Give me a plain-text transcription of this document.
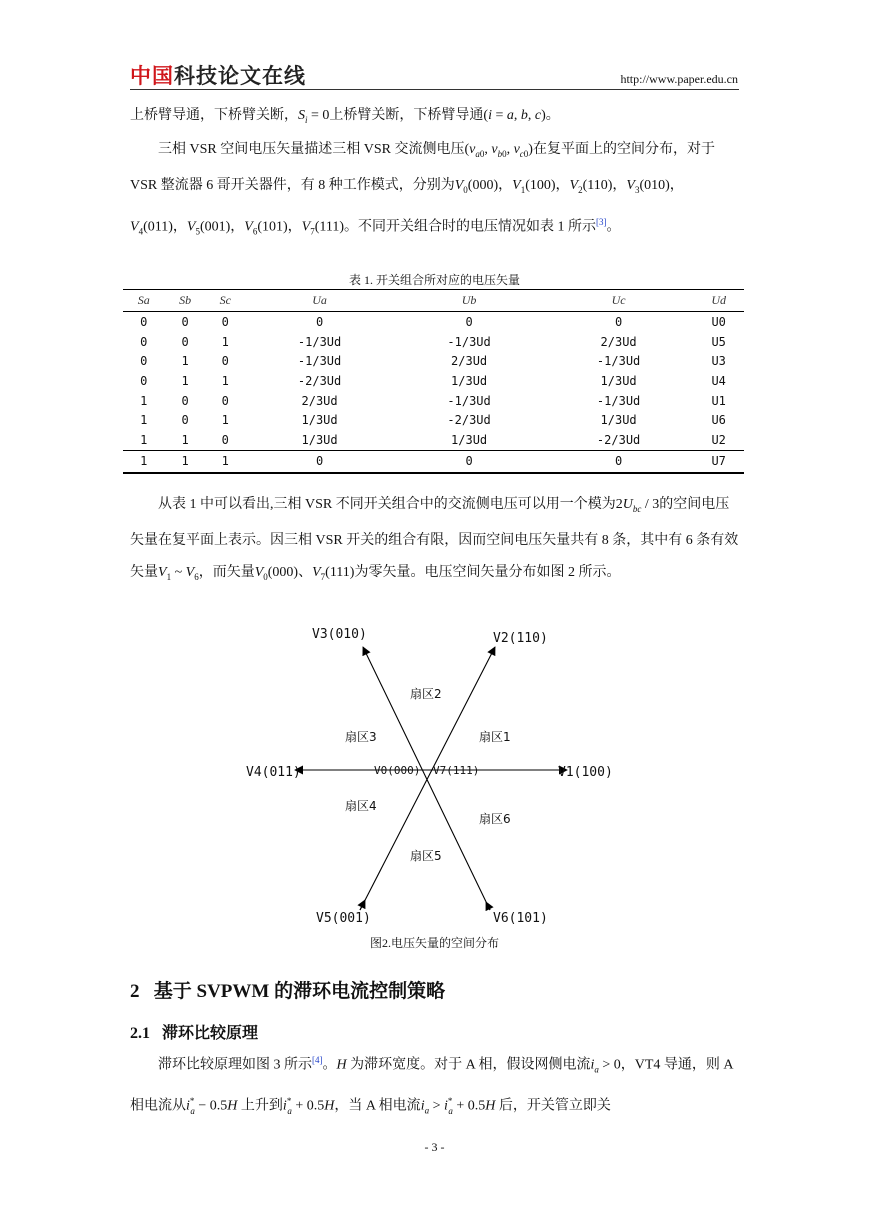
中国科技论文在线	http://www.paper.edu.cn

上桥臂导通，下桥臂关断，$S_i = 0$上桥臂关断，下桥臂导通(i = a, b, c)。

三相 VSR 空间电压矢量描述三相 VSR 交流侧电压($v_{a0}$, $v_{b0}$, $v_{c0}$)在复平面上的空间分布，对于 VSR 整流器 6 哥开关器件，有 8 种工作模式，分别为$V_0(000)$，$V_1(100)$，$V_2(110)$，$V_3(010)$，$V_4(011)$，$V_5(001)$，$V_6(101)$，$V_7(111)$。不同开关组合时的电压情况如表 1 所示[3]。

表 1. 开关组合所对应的电压矢量
Sa	Sb	Sc	Ua	Ub	Uc	Ud
0	0	0	0	0	0	U0
0	0	1	-1/3Ud	-1/3Ud	2/3Ud	U5
0	1	0	-1/3Ud	2/3Ud	-1/3Ud	U3
0	1	1	-2/3Ud	1/3Ud	1/3Ud	U4
1	0	0	2/3Ud	-1/3Ud	-1/3Ud	U1
1	0	1	1/3Ud	-2/3Ud	1/3Ud	U6
1	1	0	1/3Ud	1/3Ud	-2/3Ud	U2
1	1	1	0	0	0	U7

从表 1 中可以看出,三相 VSR 不同开关组合中的交流侧电压可以用一个模为$2U_{bc} / 3$的空间电压矢量在复平面上表示。因三相 VSR 开关的组合有限，因而空间电压矢量共有 8 条，其中有 6 条有效矢量$V_1$ ~ $V_6$，而矢量$V_0(000)$、$V_7(111)$为零矢量。电压空间矢量分布如图 2 所示。

V3(010)	V2(110)
V4(011)	V1(100)
V5(001)	V6(101)
V0(000) V7(111)
扇区1
扇区2
扇区3
扇区4
扇区5
扇区6
图2.电压矢量的空间分布
2 基于 SVPWM 的滞环电流控制策略
2.1 滞环比较原理

滞环比较原理如图 3 所示[4]。H 为滞环宽度。对于 A 相，假设网侧电流$i_a > 0$，VT4 导通，则 A 相电流从$i^*_a - 0.5H$ 上升到$i^*_a + 0.5H$，当 A 相电流$i_a > i^*_a + 0.5H$ 后，开关管立即关

- 3 -
